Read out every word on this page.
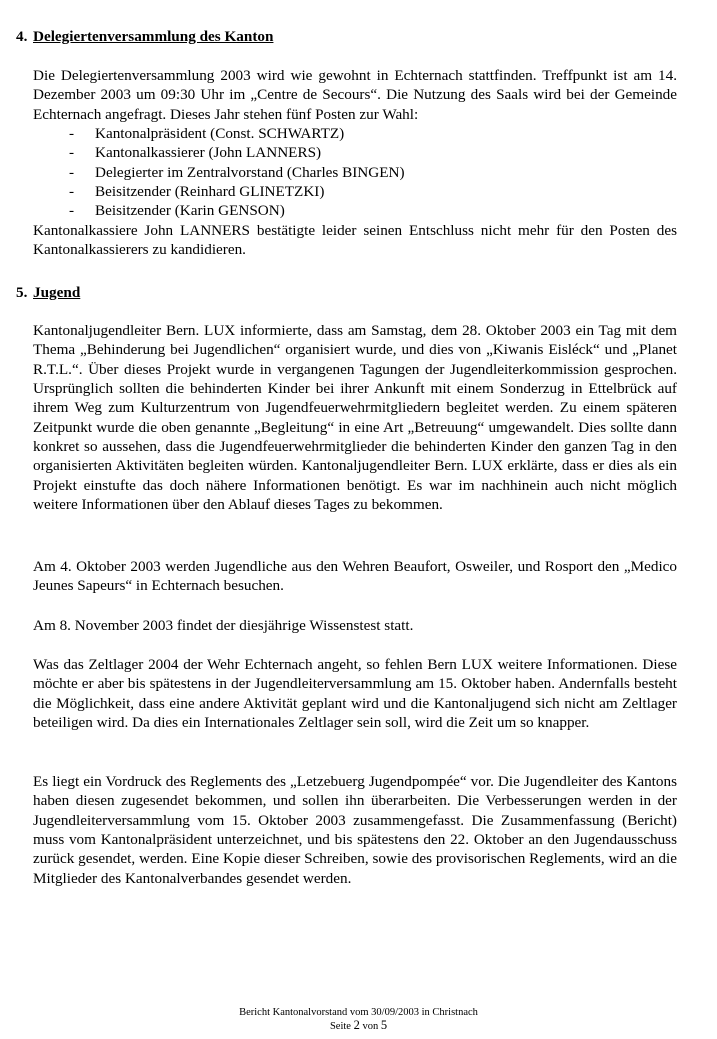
4. Delegiertenversammlung des Kanton

Die Delegiertenversammlung 2003 wird wie gewohnt in Echternach stattfinden. Treffpunkt ist am 14. Dezember 2003 um 09:30 Uhr im „Centre de Secours“. Die Nutzung des Saals wird bei der Gemeinde Echternach angefragt. Dieses Jahr stehen fünf Posten zur Wahl:

- Kantonalpräsident (Const. SCHWARTZ)
- Kantonalkassierer (John LANNERS)
- Delegierter im Zentralvorstand (Charles BINGEN)
- Beisitzender (Reinhard GLINETZKI)
- Beisitzender (Karin GENSON)

Kantonalkassiere John LANNERS bestätigte leider seinen Entschluss nicht mehr für den Posten des Kantonalkassierers zu kandidieren.

5. Jugend

Kantonaljugendleiter Bern. LUX informierte, dass am Samstag, dem 28. Oktober 2003 ein Tag mit dem Thema „Behinderung bei Jugendlichen“ organisiert wurde, und dies von „Kiwanis Eisléck“ und „Planet R.T.L.“. Über dieses Projekt wurde in vergangenen Tagungen der Jugendleiterkommission gesprochen. Ursprünglich sollten die behinderten Kinder bei ihrer Ankunft mit einem Sonderzug in Ettelbrück auf ihrem Weg zum Kulturzentrum von Jugendfeuerwehrmitgliedern begleitet werden. Zu einem späteren Zeitpunkt wurde die oben genannte „Begleitung“ in eine Art „Betreuung“ umgewandelt. Dies sollte dann konkret so aussehen, dass die Jugendfeuerwehrmitglieder die behinderten Kinder den ganzen Tag in den organisierten Aktivitäten begleiten würden. Kantonaljugendleiter Bern. LUX erklärte, dass er dies als ein Projekt einstufte das doch nähere Informationen benötigt. Es war im nachhinein auch nicht möglich weitere Informationen über den Ablauf dieses Tages zu bekommen.

Am 4. Oktober 2003 werden Jugendliche aus den Wehren Beaufort, Osweiler, und Rosport den „Medico Jeunes Sapeurs“ in Echternach besuchen.

Am 8. November 2003 findet der diesjährige Wissenstest statt.

Was das Zeltlager 2004 der Wehr Echternach angeht, so fehlen Bern LUX weitere Informationen. Diese möchte er aber bis spätestens in der Jugendleiterversammlung am 15. Oktober haben. Andernfalls besteht die Möglichkeit, dass eine andere Aktivität geplant wird und die Kantonaljugend sich nicht am Zeltlager beteiligen wird. Da dies ein Internationales Zeltlager sein soll, wird die Zeit um so knapper.

Es liegt ein Vordruck des Reglements des „Letzebuerg Jugendpompée“ vor. Die Jugendleiter des Kantons haben diesen zugesendet bekommen, und sollen ihn überarbeiten. Die Verbesserungen werden in der Jugendleiterversammlung vom 15. Oktober 2003 zusammengefasst. Die Zusammenfassung (Bericht) muss vom Kantonalpräsident unterzeichnet, und bis spätestens den 22. Oktober an den Jugendausschuss zurück gesendet, werden. Eine Kopie dieser Schreiben, sowie des provisorischen Reglements, wird an die Mitglieder des Kantonalverbandes gesendet werden.

Bericht Kantonalvorstand vom 30/09/2003 in Christnach
Seite 2 von 5
